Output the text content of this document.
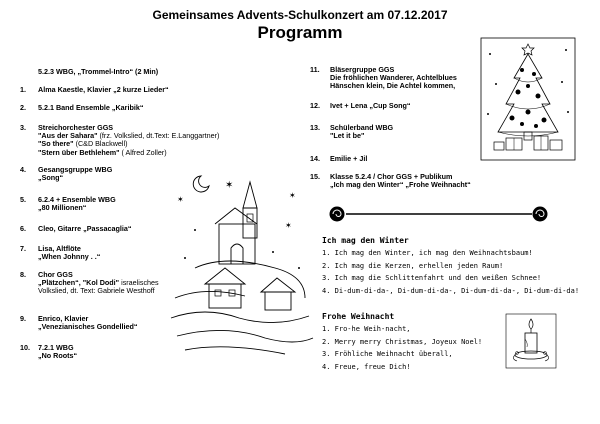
Gemeinsames Advents-Schulkonzert am 07.12.2017
Programm
5.2.3 WBG, „Trommel-Intro“ (2 Min)
1. Alma Kaestle, Klavier „2 kurze Lieder“
2. 5.2.1 Band Ensemble „Karibik“
3. Streichorchester GGS
"Aus der Sahara" (frz. Volkslied, dt.Text: E.Langgartner)
"So there" (C&D Blackwell)
"Stern über Bethlehem" ( Alfred Zoller)
4. Gesangsgruppe WBG
„Song“
5. 6.2.4 + Ensemble WBG
„80 Millionen“
6. Cleo, Gitarre „Passacaglia“
7. Lisa, Altflöte
„When Johnny . .“
8. Chor GGS
„Plätzchen“, "Kol Dodi" israelisches
Volkslied, dt. Text: Gabriele Westhoff
9. Enrico, Klavier
„Venezianisches Gondellied“
10. 7.2.1 WBG
„No Roots“
11. Bläsergruppe GGS
Die fröhlichen Wanderer, Achtelblues
Hänschen klein, Die Achtel kommen,
12. Ivet + Lena „Cup Song“
13. Schülerband WBG
"Let it be"
14. Emilie + Jil
15. Klasse 5.2.4 / Chor GGS + Publikum
„Ich mag den Winter“ „Frohe Weihnacht“
✶
✶	✶
✶
Ich mag den Winter
1. Ich mag den Winter, ich mag den Weihnachtsbaum!
2. Ich mag die Kerzen, erhellen jeden Raum!
3. Ich mag die Schlittenfahrt und den weißen Schnee!
4. Di-dum-di-da-, Di-dum-di-da-, Di-dum-di-da-, Di-dum-di-da!
Frohe Weihnacht
1. Fro-he Weih-nacht,
2. Merry merry Christmas, Joyeux Noel!
3. Fröhliche Weihnacht überall,
4. Freue, freue Dich!
